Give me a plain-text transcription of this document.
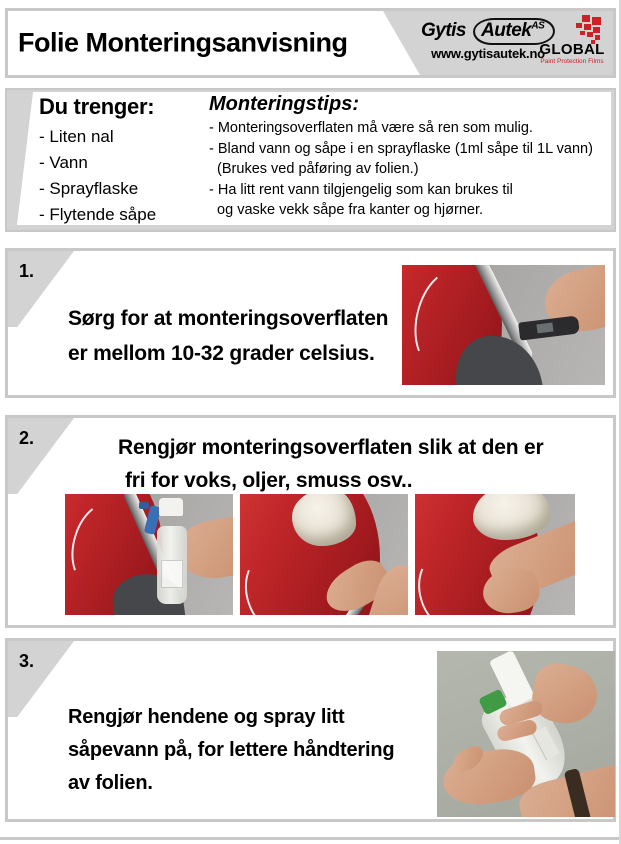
Folie Monteringsanvisning	Gytis Autek$^{AS}$
www.gytisautek.no
GLOBAL
Paint Protection Films
Du trenger:
- Liten nal
- Vann
- Sprayflaske
- Flytende såpe
Monteringstips:
- Monteringsoverflaten må være så ren som mulig.
- Bland vann og såpe i en sprayflaske (1ml såpe til 1L vann)
(Brukes ved påføring av folien.)
- Ha litt rent vann tilgjengelig som kan brukes til
og vaske vekk såpe fra kanter og hjørner.
1.
Sørg for at monteringsoverflaten
er mellom 10-32 grader celsius.
2.	Rengjør monteringsoverflaten slik at den er
fri for voks, oljer, smuss osv..
3.
Rengjør hendene og spray litt
såpevann på, for lettere håndtering
av folien.
